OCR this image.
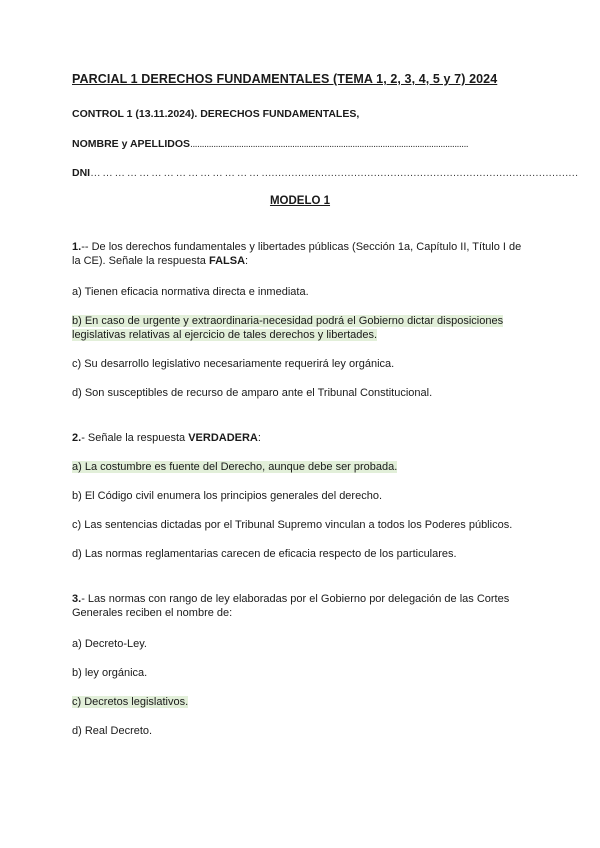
PARCIAL 1 DERECHOS FUNDAMENTALES (TEMA 1, 2, 3, 4, 5 y 7) 2024
CONTROL 1 (13.11.2024). DERECHOS FUNDAMENTALES,
NOMBRE y APELLIDOS........................................................................................................................
DNI… … … … … … … … … … … … … … ……………………………………………………………………………………
MODELO 1
1.-- De los derechos fundamentales y libertades públicas (Sección 1a, Capítulo II, Título I de la CE). Señale la respuesta FALSA:
a) Tienen eficacia normativa directa e inmediata.
b) En caso de urgente y extraordinaria-necesidad podrá el Gobierno dictar disposiciones legislativas relativas al ejercicio de tales derechos y libertades.
c) Su desarrollo legislativo necesariamente requerirá ley orgánica.
d) Son susceptibles de recurso de amparo ante el Tribunal Constitucional.
2.- Señale la respuesta VERDADERA:
a) La costumbre es fuente del Derecho, aunque debe ser probada.
b) El Código civil enumera los principios generales del derecho.
c) Las sentencias dictadas por el Tribunal Supremo vinculan a todos los Poderes públicos.
d) Las normas reglamentarias carecen de eficacia respecto de los particulares.
3.- Las normas con rango de ley elaboradas por el Gobierno por delegación de las Cortes Generales reciben el nombre de:
a) Decreto-Ley.
b) ley orgánica.
c) Decretos legislativos.
d) Real Decreto.
